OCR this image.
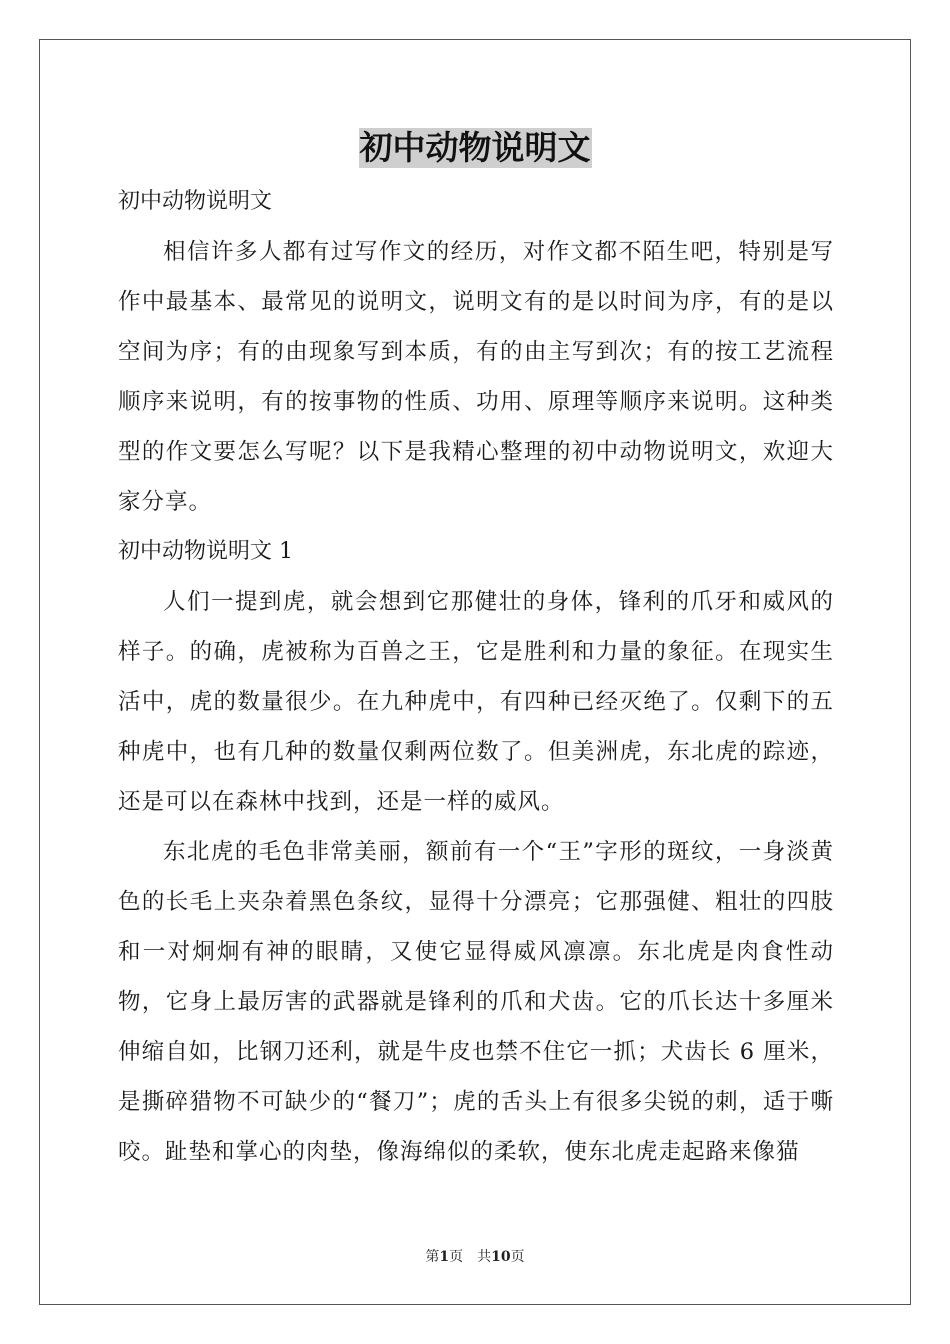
初中动物说明文
初中动物说明文

相信许多人都有过写作文的经历，对作文都不陌生吧，特别是写作中最基本、最常见的说明文，说明文有的是以时间为序，有的是以空间为序；有的由现象写到本质，有的由主写到次；有的按工艺流程顺序来说明，有的按事物的性质、功用、原理等顺序来说明。这种类型的作文要怎么写呢？以下是我精心整理的初中动物说明文，欢迎大家分享。

初中动物说明文 1

人们一提到虎，就会想到它那健壮的身体，锋利的爪牙和威风的样子。的确，虎被称为百兽之王，它是胜利和力量的象征。在现实生活中，虎的数量很少。在九种虎中，有四种已经灭绝了。仅剩下的五种虎中，也有几种的数量仅剩两位数了。但美洲虎，东北虎的踪迹，还是可以在森林中找到，还是一样的威风。

东北虎的毛色非常美丽，额前有一个“王”字形的斑纹，一身淡黄色的长毛上夹杂着黑色条纹，显得十分漂亮；它那强健、粗壮的四肢和一对炯炯有神的眼睛，又使它显得威风凛凛。东北虎是肉食性动物，它身上最厉害的武器就是锋利的爪和犬齿。它的爪长达十多厘米伸缩自如，比钢刀还利，就是牛皮也禁不住它一抓；犬齿长 6 厘米，是撕碎猎物不可缺少的“餐刀”；虎的舌头上有很多尖锐的刺，适于嘶咬。趾垫和掌心的肉垫，像海绵似的柔软，使东北虎走起路来像猫

第1页　共10页
